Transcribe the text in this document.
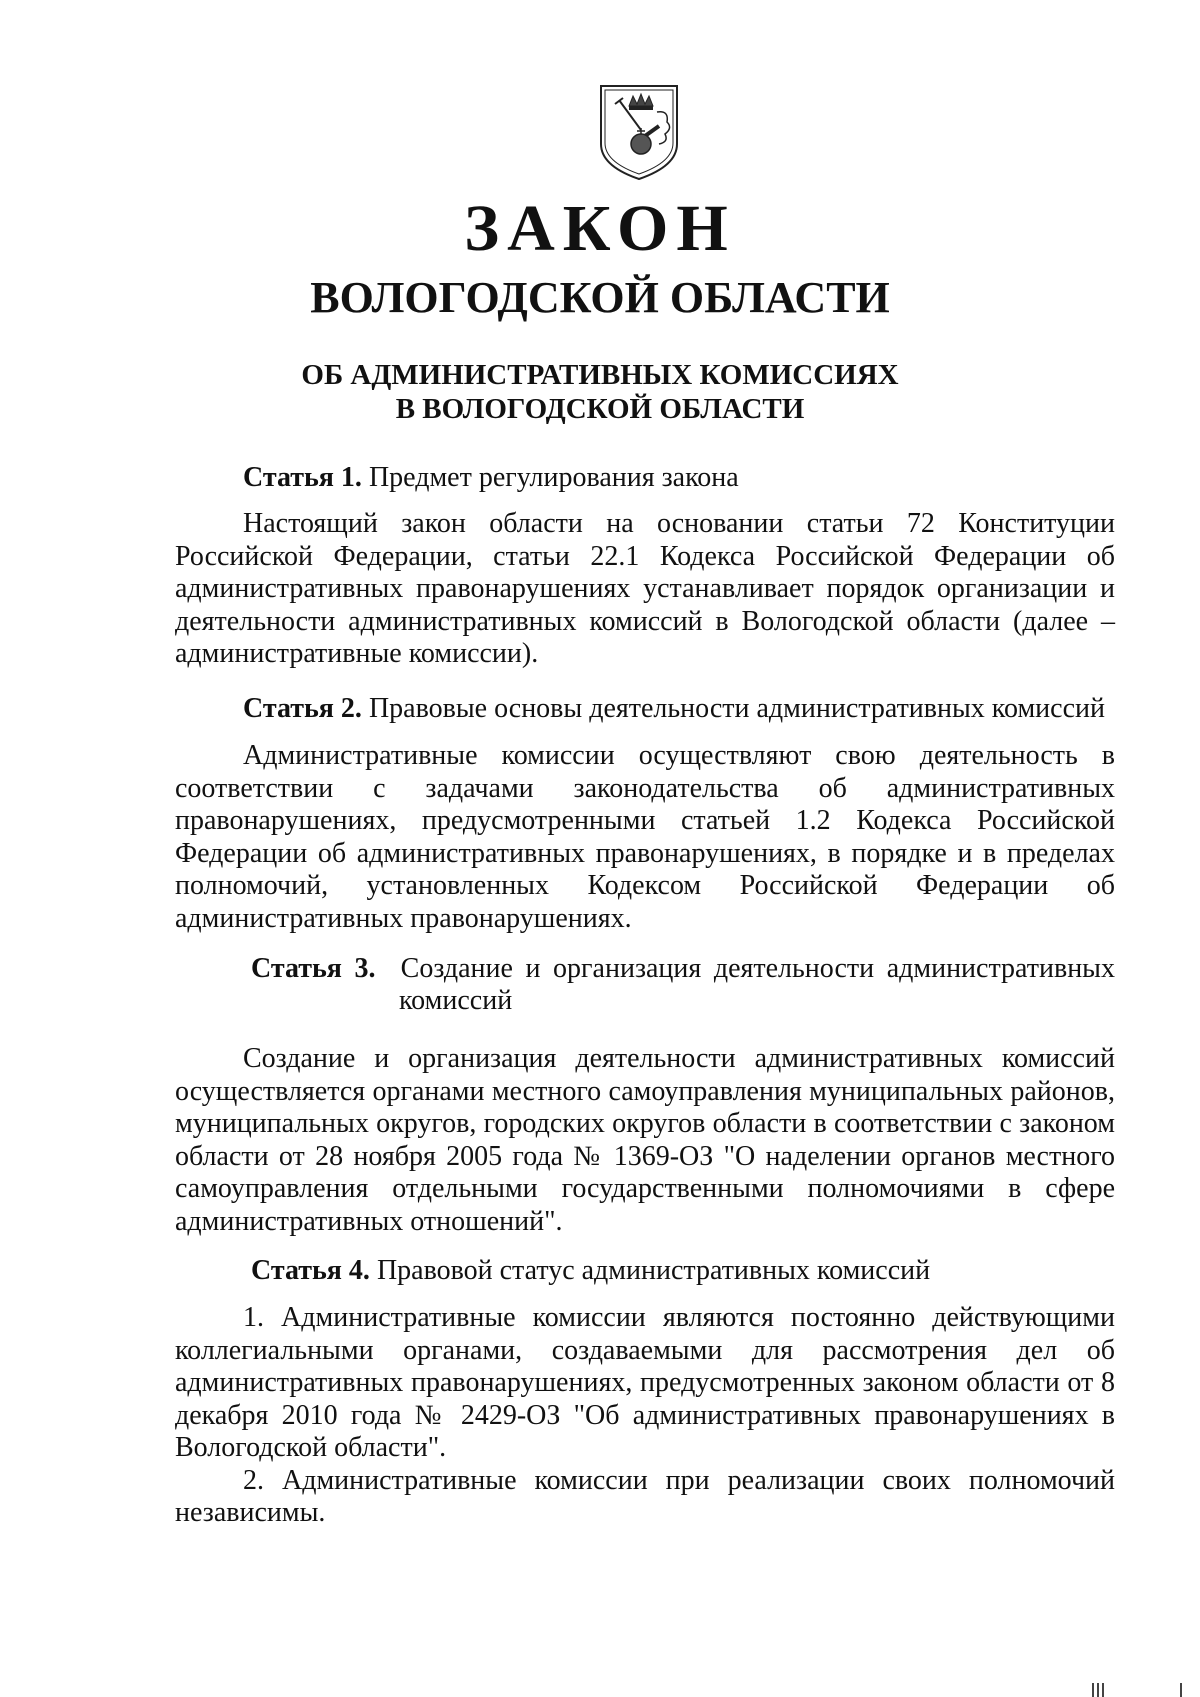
ЗАКОН
ВОЛОГОДСКОЙ ОБЛАСТИ
ОБ АДМИНИСТРАТИВНЫХ КОМИССИЯХ
В ВОЛОГОДСКОЙ ОБЛАСТИ
Статья 1. Предмет регулирования закона

Настоящий закон области на основании статьи 72 Конституции Российской Федерации, статьи 22.1 Кодекса Российской Федерации об административных правонарушениях устанавливает порядок организации и деятельности административных комиссий в Вологодской области (далее – административные комиссии).

Статья 2. Правовые основы деятельности административных комиссий

Административные комиссии осуществляют свою деятельность в соответствии с задачами законодательства об административных правонарушениях, предусмотренными статьей 1.2 Кодекса Российской Федерации об административных правонарушениях, в порядке и в пределах полномочий, установленных Кодексом Российской Федерации об административных правонарушениях.

Статья 3. Создание и организация деятельности административных
комиссий

Создание и организация деятельности административных комиссий осуществляется органами местного самоуправления муниципальных районов, муниципальных округов, городских округов области в соответствии с законом области от 28 ноября 2005 года № 1369-ОЗ "О наделении органов местного самоуправления отдельными государственными полномочиями в сфере административных отношений".

Статья 4. Правовой статус административных комиссий

1. Административные комиссии являются постоянно действующими коллегиальными органами, создаваемыми для рассмотрения дел об административных правонарушениях, предусмотренных законом области от 8 декабря 2010 года № 2429-ОЗ "Об административных правонарушениях в Вологодской области".

2. Административные комиссии при реализации своих полномочий независимы.
